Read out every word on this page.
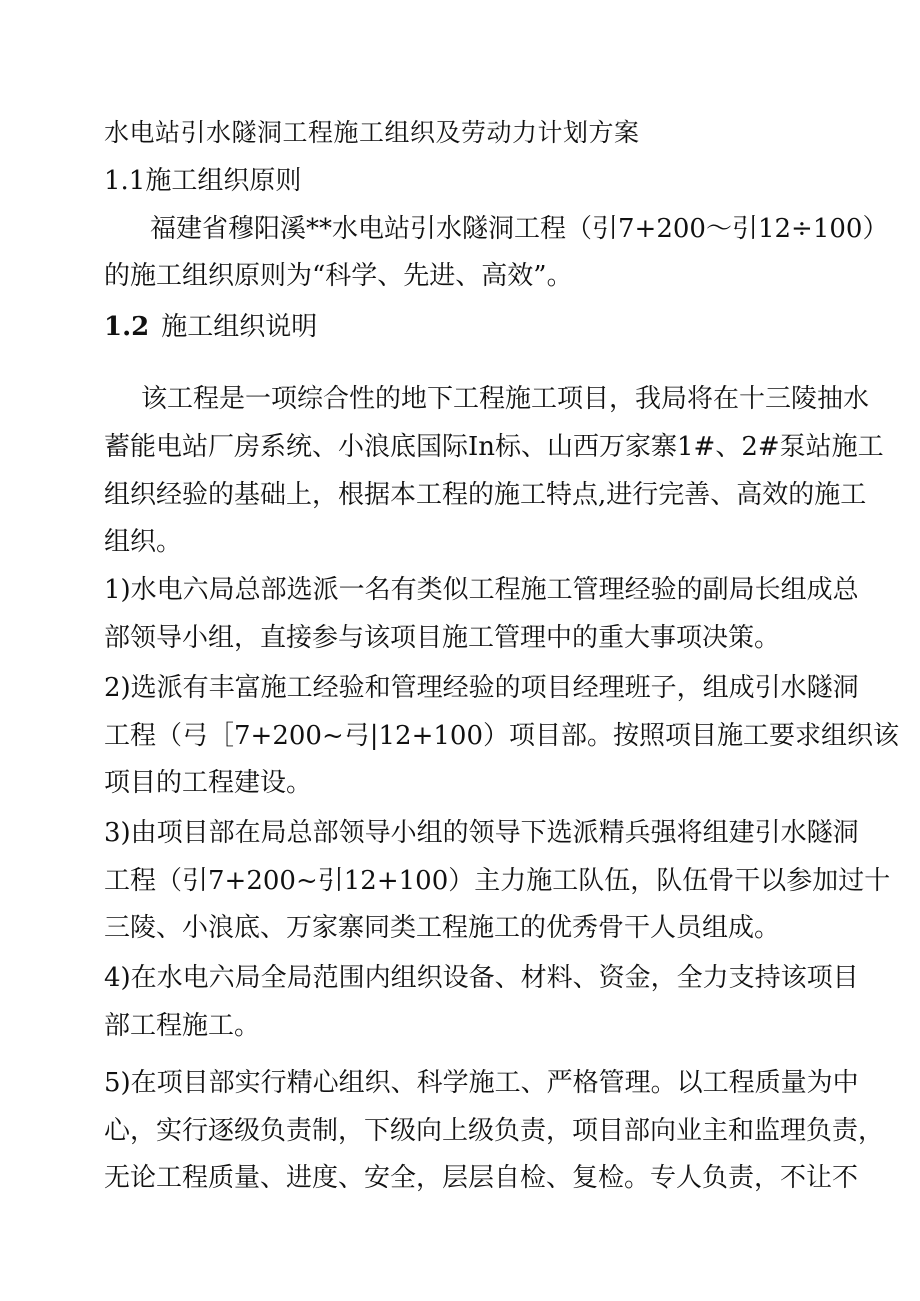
水电站引水隧洞工程施工组织及劳动力计划方案
1.1施工组织原则
福建省穆阳溪**水电站引水隧洞工程（引7+200～引12÷100）
的施工组织原则为“科学、先进、高效”。
1.2 施工组织说明
该工程是一项综合性的地下工程施工项目，我局将在十三陵抽水
蓄能电站厂房系统、小浪底国际In标、山西万家寨1#、2#泵站施工
组织经验的基础上，根据本工程的施工特点,进行完善、高效的施工
组织。
1)水电六局总部选派一名有类似工程施工管理经验的副局长组成总
部领导小组，直接参与该项目施工管理中的重大事项决策。
2)选派有丰富施工经验和管理经验的项目经理班子，组成引水隧洞
工程（弓［7+200~弓|12+100）项目部。按照项目施工要求组织该
项目的工程建设。
3)由项目部在局总部领导小组的领导下选派精兵强将组建引水隧洞
工程（引7+200~引12+100）主力施工队伍，队伍骨干以参加过十
三陵、小浪底、万家寨同类工程施工的优秀骨干人员组成。
4)在水电六局全局范围内组织设备、材料、资金，全力支持该项目
部工程施工。
5)在项目部实行精心组织、科学施工、严格管理。以工程质量为中
心，实行逐级负责制，下级向上级负责，项目部向业主和监理负责，
无论工程质量、进度、安全，层层自检、复检。专人负责，不让不
